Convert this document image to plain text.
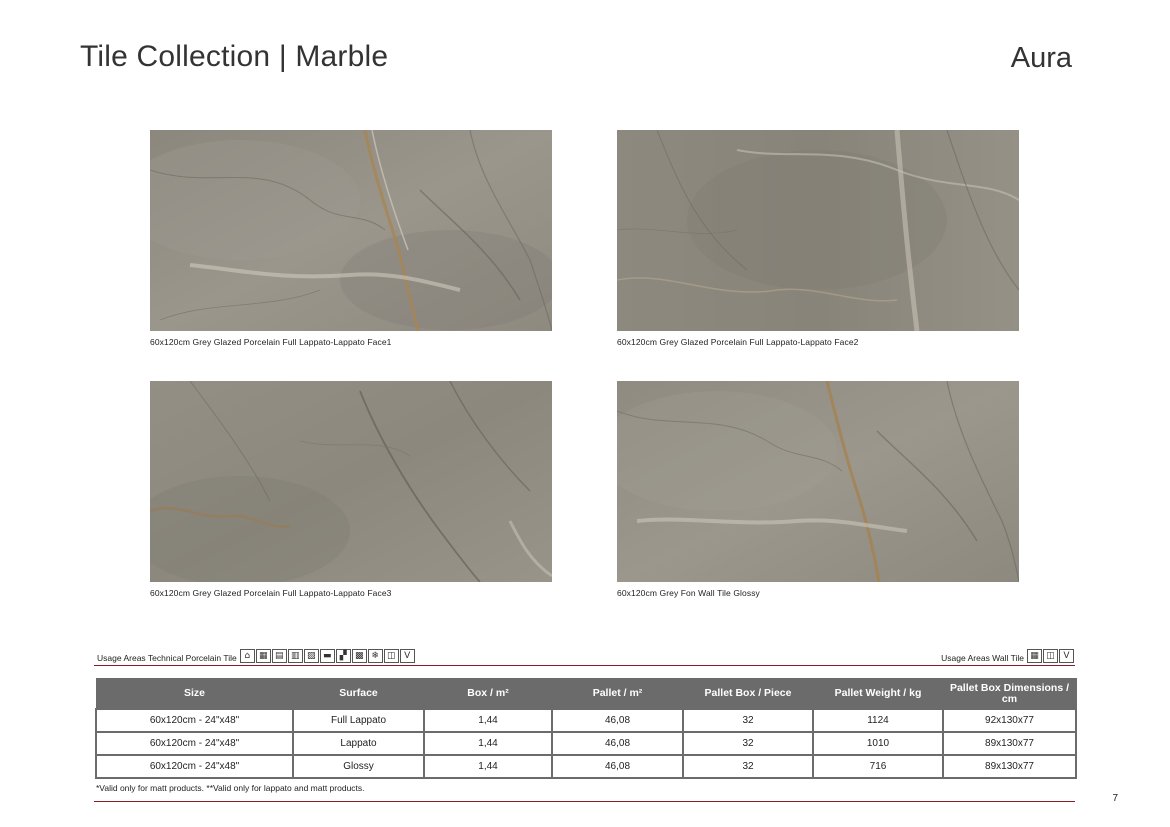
Tile Collection | Marble	Aura
60x120cm Grey Glazed Porcelain Full Lappato-Lappato Face1	60x120cm Grey Glazed Porcelain Full Lappato-Lappato Face2
60x120cm Grey Glazed Porcelain Full Lappato-Lappato Face3	60x120cm Grey Fon Wall Tile Glossy
Usage Areas Technical Porcelain Tile ⌂ ▦ ▤ ▥ ▧ ▬ ▞ ▩ ❄ ◫ V	Usage Areas Wall Tile ▦ ◫ V
Size	Surface	Box / m²	Pallet / m²	Pallet Box / Piece	Pallet Weight / kg	Pallet Box Dimensions / cm
60x120cm - 24"x48"	Full Lappato	1,44	46,08	32	1124	92x130x77
60x120cm - 24"x48"	Lappato	1,44	46,08	32	1010	89x130x77
60x120cm - 24"x48"	Glossy	1,44	46,08	32	716	89x130x77
*Valid only for matt products. **Valid only for lappato and matt products.
7
